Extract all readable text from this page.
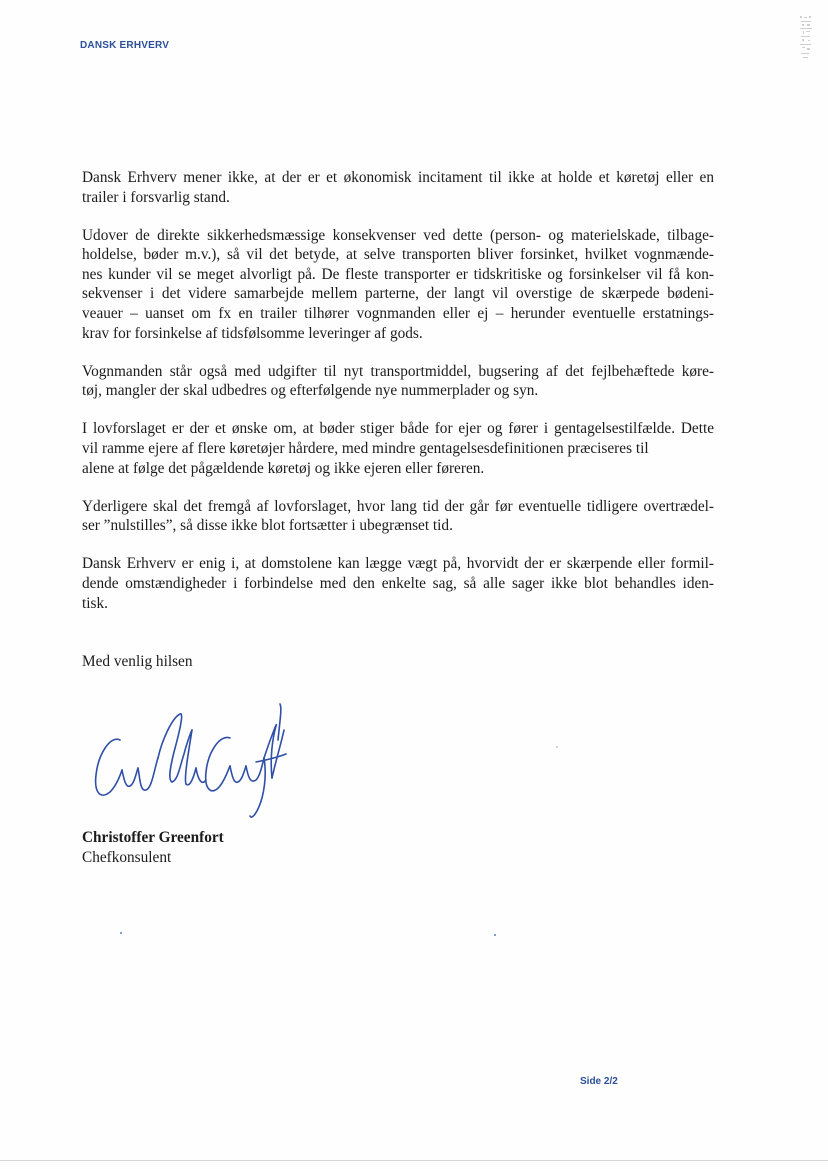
DANSK ERHVERV

Dansk Erhverv mener ikke, at der er et økonomisk incitament til ikke at holde et køretøj eller en
trailer i forsvarlig stand.

Udover de direkte sikkerhedsmæssige konsekvenser ved dette (person- og materielskade, tilbage-
holdelse, bøder m.v.), så vil det betyde, at selve transporten bliver forsinket, hvilket vognmænde-
nes kunder vil se meget alvorligt på. De fleste transporter er tidskritiske og forsinkelser vil få kon-
sekvenser i det videre samarbejde mellem parterne, der langt vil overstige de skærpede bødeni-
veauer – uanset om fx en trailer tilhører vognmanden eller ej – herunder eventuelle erstatnings-
krav for forsinkelse af tidsfølsomme leveringer af gods.

Vognmanden står også med udgifter til nyt transportmiddel, bugsering af det fejlbehæftede køre-
tøj, mangler der skal udbedres og efterfølgende nye nummerplader og syn.

I lovforslaget er der et ønske om, at bøder stiger både for ejer og fører i gentagelsestilfælde. Dette
vil ramme ejere af flere køretøjer hårdere, med mindre gentagelsesdefinitionen præciseres til
alene at følge det pågældende køretøj og ikke ejeren eller føreren.

Yderligere skal det fremgå af lovforslaget, hvor lang tid der går før eventuelle tidligere overtrædel-
ser ”nulstilles”, så disse ikke blot fortsætter i ubegrænset tid.

Dansk Erhverv er enig i, at domstolene kan lægge vægt på, hvorvidt der er skærpende eller formil-
dende omstændigheder i forbindelse med den enkelte sag, så alle sager ikke blot behandles iden-
tisk.

Med venlig hilsen
Christoffer Greenfort
Chefkonsulent
Side 2/2
